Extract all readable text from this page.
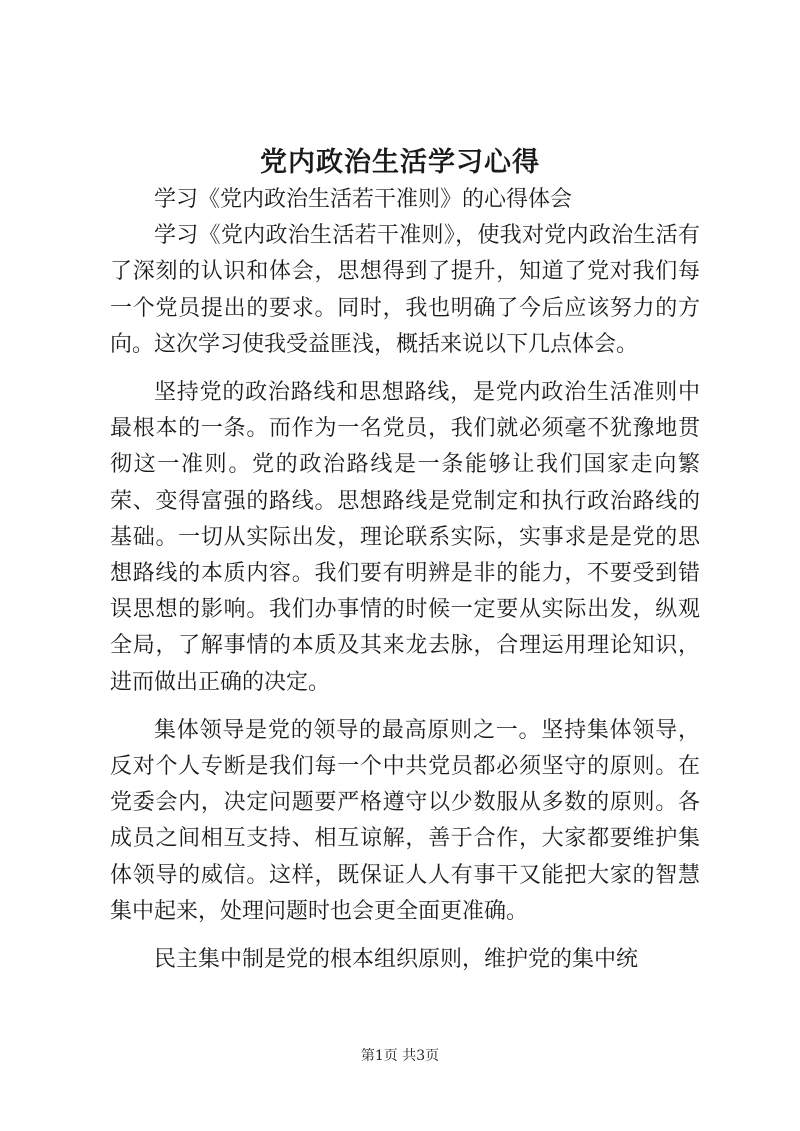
党内政治生活学习心得

学习《党内政治生活若干准则》的心得体会

学习《党内政治生活若干准则》，使我对党内政治生活有了深刻的认识和体会，思想得到了提升，知道了党对我们每一个党员提出的要求。同时，我也明确了今后应该努力的方向。这次学习使我受益匪浅，概括来说以下几点体会。

坚持党的政治路线和思想路线，是党内政治生活准则中最根本的一条。而作为一名党员，我们就必须毫不犹豫地贯彻这一准则。党的政治路线是一条能够让我们国家走向繁荣、变得富强的路线。思想路线是党制定和执行政治路线的基础。一切从实际出发，理论联系实际，实事求是是党的思想路线的本质内容。我们要有明辨是非的能力，不要受到错误思想的影响。我们办事情的时候一定要从实际出发，纵观全局，了解事情的本质及其来龙去脉，合理运用理论知识，进而做出正确的决定。

集体领导是党的领导的最高原则之一。坚持集体领导，反对个人专断是我们每一个中共党员都必须坚守的原则。在党委会内，决定问题要严格遵守以少数服从多数的原则。各成员之间相互支持、相互谅解，善于合作，大家都要维护集体领导的威信。这样，既保证人人有事干又能把大家的智慧集中起来，处理问题时也会更全面更准确。

民主集中制是党的根本组织原则，维护党的集中统

第1页 共3页
